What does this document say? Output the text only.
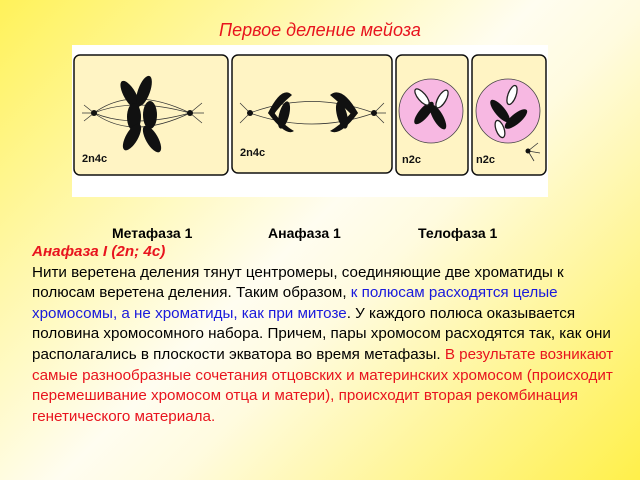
Первое деление мейоза
2n4c	2n4c
n2c	n2c
Метафаза 1	Анафаза 1	Телофаза 1
Анафаза I (2n; 4c)
Нити веретена деления тянут центромеры, соединяющие две хроматиды к полюсам веретена деления. Таким образом, к полюсам расходятся целые хромосомы, а не хроматиды, как при митозе. У каждого полюса оказывается половина хромосомного набора. Причем, пары хромосом расходятся так, как они располагались в плоскости экватора во время метафазы. В результате возникают самые разнообразные сочетания отцовских и материнских хромосом (происходит перемешивание хромосом отца и матери), происходит вторая рекомбинация генетического материала.
